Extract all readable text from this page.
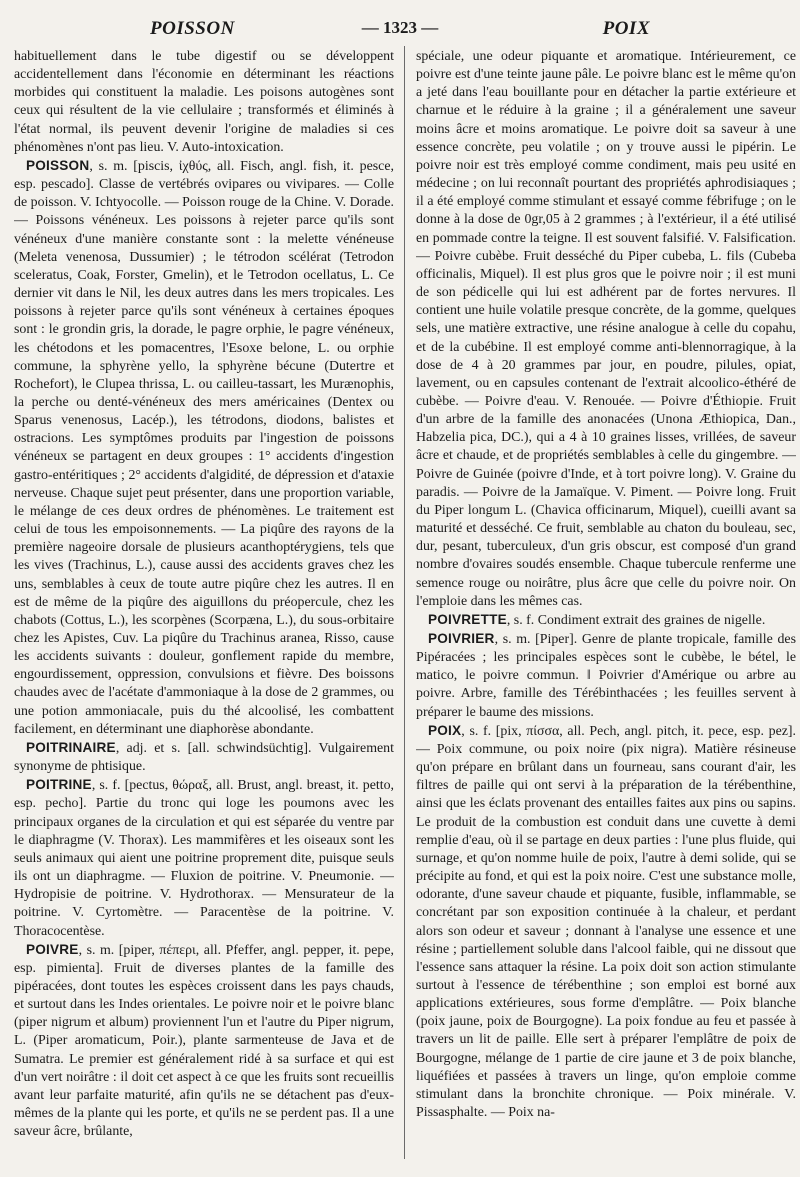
POISSON	— 1323 —	POIX

habituellement dans le tube digestif ou se développent accidentellement dans l'économie en déterminant les réactions morbides qui constituent la maladie. Les poisons autogènes sont ceux qui résultent de la vie cellulaire ; transformés et éliminés à l'état normal, ils peuvent devenir l'origine de maladies si ces phénomènes n'ont pas lieu. V. Auto-intoxication.

POISSON, s. m. [piscis, ἰχθύς, all. Fisch, angl. fish, it. pesce, esp. pescado]. Classe de vertébrés ovipares ou vivipares. — Colle de poisson. V. Ichtyocolle. — Poisson rouge de la Chine. V. Dorade. — Poissons vénéneux. Les poissons à rejeter parce qu'ils sont vénéneux d'une manière constante sont : la melette vénéneuse (Meleta venenosa, Dussumier) ; le tétrodon scélérat (Tetrodon sceleratus, Coak, Forster, Gmelin), et le Tetrodon ocellatus, L. Ce dernier vit dans le Nil, les deux autres dans les mers tropicales. Les poissons à rejeter parce qu'ils sont vénéneux à certaines époques sont : le grondin gris, la dorade, le pagre orphie, le pagre vénéneux, les chétodons et les pomacentres, l'Esoxe belone, L. ou orphie commune, la sphyrène yello, la sphyrène bécune (Dutertre et Rochefort), le Clupea thrissa, L. ou cailleu-tassart, les Murænophis, la perche ou denté-vénéneux des mers américaines (Dentex ou Sparus venenosus, Lacép.), les tétrodons, diodons, balistes et ostracions. Les symptômes produits par l'ingestion de poissons vénéneux se partagent en deux groupes : 1° accidents d'ingestion gastro-entéritiques ; 2° accidents d'algidité, de dépression et d'ataxie nerveuse. Chaque sujet peut présenter, dans une proportion variable, le mélange de ces deux ordres de phénomènes. Le traitement est celui de tous les empoisonnements. — La piqûre des rayons de la première nageoire dorsale de plusieurs acanthoptérygiens, tels que les vives (Trachinus, L.), cause aussi des accidents graves chez les uns, semblables à ceux de toute autre piqûre chez les autres. Il en est de même de la piqûre des aiguillons du préopercule, chez les chabots (Cottus, L.), les scorpènes (Scorpæna, L.), du sous-orbitaire chez les Apistes, Cuv. La piqûre du Trachinus aranea, Risso, cause les accidents suivants : douleur, gonflement rapide du membre, engourdissement, oppression, convulsions et fièvre. Des boissons chaudes avec de l'acétate d'ammoniaque à la dose de 2 grammes, ou une potion ammoniacale, puis du thé alcoolisé, les combattent facilement, en déterminant une diaphorèse abondante.

POITRINAIRE, adj. et s. [all. schwindsüchtig]. Vulgairement synonyme de phtisique.

POITRINE, s. f. [pectus, θώραξ, all. Brust, angl. breast, it. petto, esp. pecho]. Partie du tronc qui loge les poumons avec les principaux organes de la circulation et qui est séparée du ventre par le diaphragme (V. Thorax). Les mammifères et les oiseaux sont les seuls animaux qui aient une poitrine proprement dite, puisque seuls ils ont un diaphragme. — Fluxion de poitrine. V. Pneumonie. — Hydropisie de poitrine. V. Hydrothorax. — Mensurateur de la poitrine. V. Cyrtomètre. — Paracentèse de la poitrine. V. Thoracocentèse.

POIVRE, s. m. [piper, πέπερι, all. Pfeffer, angl. pepper, it. pepe, esp. pimienta]. Fruit de diverses plantes de la famille des pipéracées, dont toutes les espèces croissent dans les pays chauds, et surtout dans les Indes orientales. Le poivre noir et le poivre blanc (piper nigrum et album) proviennent l'un et l'autre du Piper nigrum, L. (Piper aromaticum, Poir.), plante sarmenteuse de Java et de Sumatra. Le premier est généralement ridé à sa surface et qui est d'un vert noirâtre : il doit cet aspect à ce que les fruits sont recueillis avant leur parfaite maturité, afin qu'ils ne se détachent pas d'eux-mêmes de la plante qui les porte, et qu'ils ne se perdent pas. Il a une saveur âcre, brûlante,

spéciale, une odeur piquante et aromatique. Intérieurement, ce poivre est d'une teinte jaune pâle. Le poivre blanc est le même qu'on a jeté dans l'eau bouillante pour en détacher la partie extérieure et charnue et le réduire à la graine ; il a généralement une saveur moins âcre et moins aromatique. Le poivre doit sa saveur à une essence concrète, peu volatile ; on y trouve aussi le pipérin. Le poivre noir est très employé comme condiment, mais peu usité en médecine ; on lui reconnaît pourtant des propriétés aphrodisiaques ; il a été employé comme stimulant et essayé comme fébrifuge ; on le donne à la dose de 0gr,05 à 2 grammes ; à l'extérieur, il a été utilisé en pommade contre la teigne. Il est souvent falsifié. V. Falsification. — Poivre cubèbe. Fruit desséché du Piper cubeba, L. fils (Cubeba officinalis, Miquel). Il est plus gros que le poivre noir ; il est muni de son pédicelle qui lui est adhérent par de fortes nervures. Il contient une huile volatile presque concrète, de la gomme, quelques sels, une matière extractive, une résine analogue à celle du copahu, et de la cubébine. Il est employé comme anti-blennorragique, à la dose de 4 à 20 grammes par jour, en poudre, pilules, opiat, lavement, ou en capsules contenant de l'extrait alcoolico-éthéré de cubèbe. — Poivre d'eau. V. Renouée. — Poivre d'Éthiopie. Fruit d'un arbre de la famille des anonacées (Unona Æthiopica, Dan., Habzelia pica, DC.), qui a 4 à 10 graines lisses, vrillées, de saveur âcre et chaude, et de propriétés semblables à celle du gingembre. — Poivre de Guinée (poivre d'Inde, et à tort poivre long). V. Graine du paradis. — Poivre de la Jamaïque. V. Piment. — Poivre long. Fruit du Piper longum L. (Chavica officinarum, Miquel), cueilli avant sa maturité et desséché. Ce fruit, semblable au chaton du bouleau, sec, dur, pesant, tuberculeux, d'un gris obscur, est composé d'un grand nombre d'ovaires soudés ensemble. Chaque tubercule renferme une semence rouge ou noirâtre, plus âcre que celle du poivre noir. On l'emploie dans les mêmes cas.

POIVRETTE, s. f. Condiment extrait des graines de nigelle.

POIVRIER, s. m. [Piper]. Genre de plante tropicale, famille des Pipéracées ; les principales espèces sont le cubèbe, le bétel, le matico, le poivre commun. ‖ Poivrier d'Amérique ou arbre au poivre. Arbre, famille des Térébinthacées ; les feuilles servent à préparer le baume des missions.

POIX, s. f. [pix, πίσσα, all. Pech, angl. pitch, it. pece, esp. pez]. — Poix commune, ou poix noire (pix nigra). Matière résineuse qu'on prépare en brûlant dans un fourneau, sans courant d'air, les filtres de paille qui ont servi à la préparation de la térébenthine, ainsi que les éclats provenant des entailles faites aux pins ou sapins. Le produit de la combustion est conduit dans une cuvette à demi remplie d'eau, où il se partage en deux parties : l'une plus fluide, qui surnage, et qu'on nomme huile de poix, l'autre à demi solide, qui se précipite au fond, et qui est la poix noire. C'est une substance molle, odorante, d'une saveur chaude et piquante, fusible, inflammable, se concrétant par son exposition continuée à la chaleur, et perdant alors son odeur et saveur ; donnant à l'analyse une essence et une résine ; partiellement soluble dans l'alcool faible, qui ne dissout que l'essence sans attaquer la résine. La poix doit son action stimulante surtout à l'essence de térébenthine ; son emploi est borné aux applications extérieures, sous forme d'emplâtre. — Poix blanche (poix jaune, poix de Bourgogne). La poix fondue au feu et passée à travers un lit de paille. Elle sert à préparer l'emplâtre de poix de Bourgogne, mélange de 1 partie de cire jaune et 3 de poix blanche, liquéfiées et passées à travers un linge, qu'on emploie comme stimulant dans la bronchite chronique. — Poix minérale. V. Pissasphalte. — Poix na-
